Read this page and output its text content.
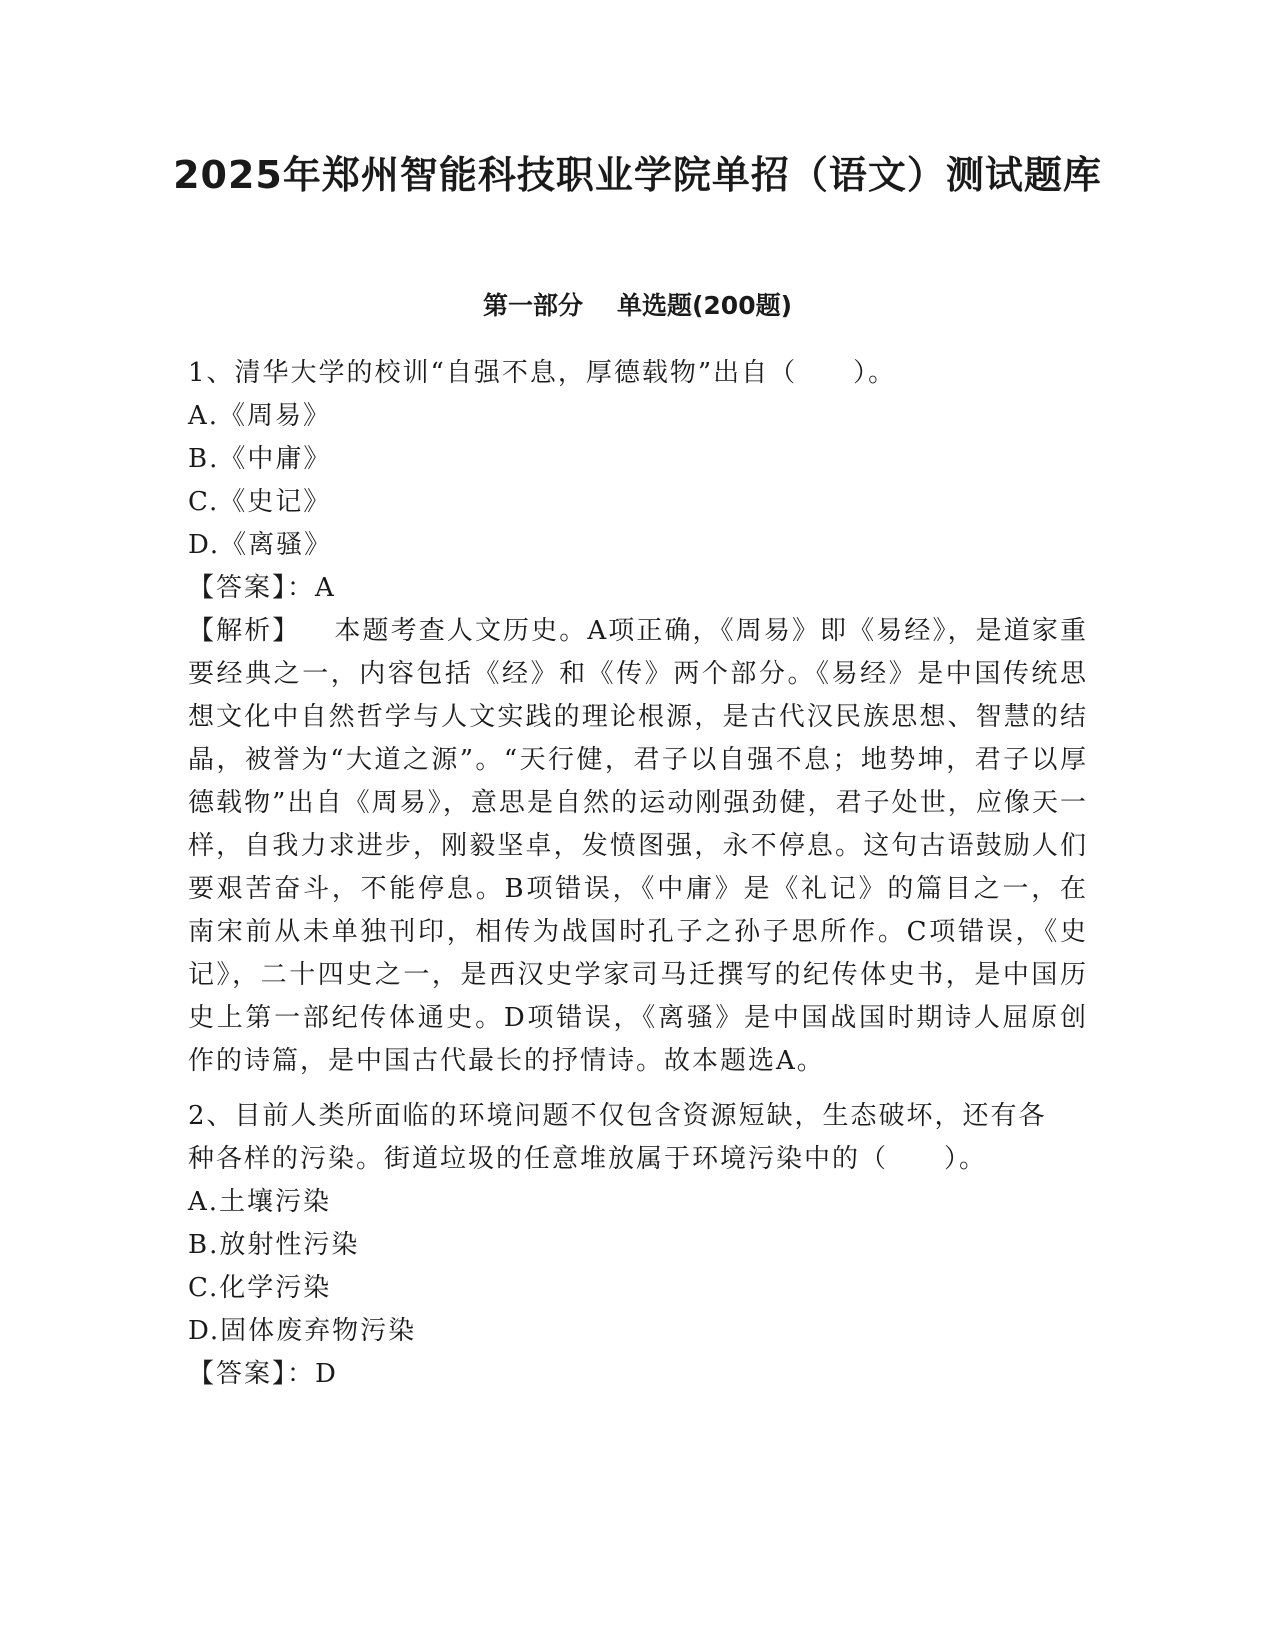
2025年郑州智能科技职业学院单招（语文）测试题库
第一部分 单选题(200题)
1、清华大学的校训“自强不息，厚德载物”出自（　　）。
A.《周易》
B.《中庸》
C.《史记》
D.《离骚》
【答案】：A
【解析】 本题考查人文历史。A项正确，《周易》即《易经》，是道家重要经典之一，内容包括《经》和《传》两个部分。《易经》是中国传统思想文化中自然哲学与人文实践的理论根源，是古代汉民族思想、智慧的结晶，被誉为“大道之源”。“天行健，君子以自强不息；地势坤，君子以厚德载物”出自《周易》，意思是自然的运动刚强劲健，君子处世，应像天一样，自我力求进步，刚毅坚卓，发愤图强，永不停息。这句古语鼓励人们要艰苦奋斗，不能停息。B项错误，《中庸》是《礼记》的篇目之一，在南宋前从未单独刊印，相传为战国时孔子之孙子思所作。C项错误，《史记》，二十四史之一，是西汉史学家司马迁撰写的纪传体史书，是中国历史上第一部纪传体通史。D项错误，《离骚》是中国战国时期诗人屈原创作的诗篇，是中国古代最长的抒情诗。故本题选A。
2、目前人类所面临的环境问题不仅包含资源短缺，生态破坏，还有各
种各样的污染。街道垃圾的任意堆放属于环境污染中的（　　）。
A.土壤污染
B.放射性污染
C.化学污染
D.固体废弃物污染
【答案】：D
